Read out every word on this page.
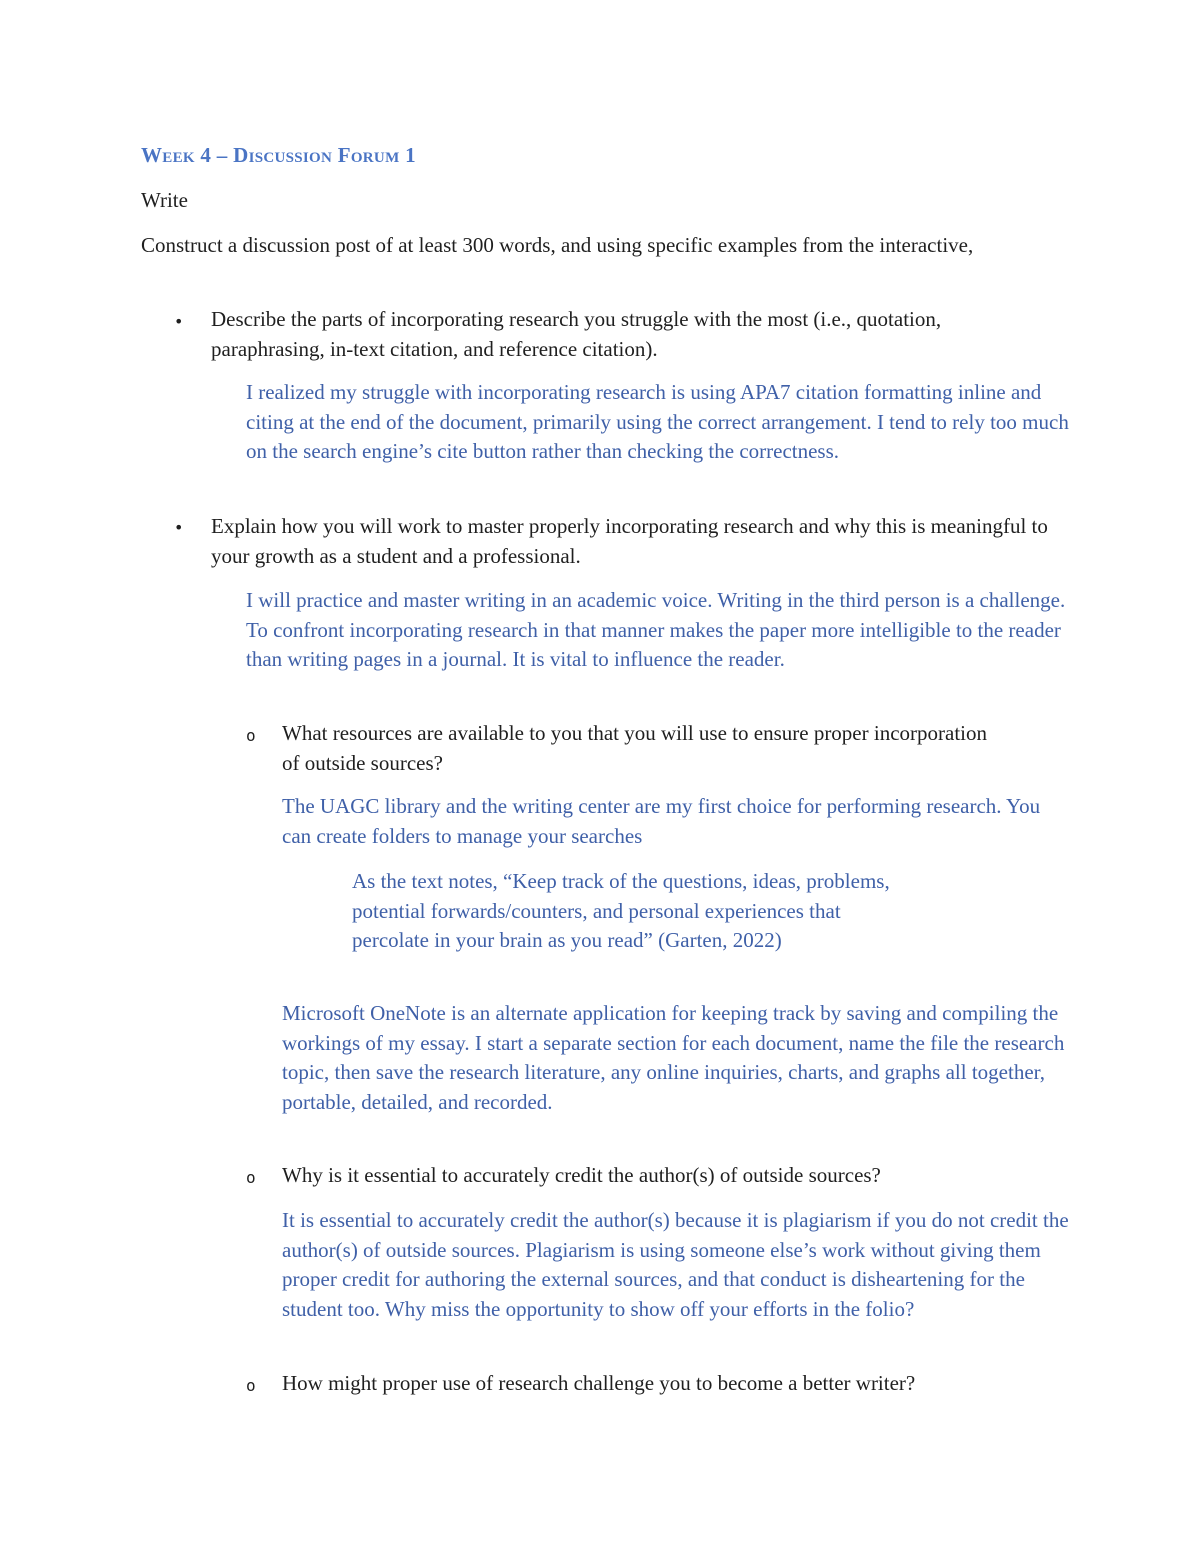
Week 4 – Discussion Forum 1

Write

Construct a discussion post of at least 300 words, and using specific examples from the interactive,

• Describe the parts of incorporating research you struggle with the most (i.e., quotation, paraphrasing, in-text citation, and reference citation).

I realized my struggle with incorporating research is using APA7 citation formatting inline and citing at the end of the document, primarily using the correct arrangement. I tend to rely too much on the search engine’s cite button rather than checking the correctness.

• Explain how you will work to master properly incorporating research and why this is meaningful to your growth as a student and a professional.

I will practice and master writing in an academic voice. Writing in the third person is a challenge. To confront incorporating research in that manner makes the paper more intelligible to the reader than writing pages in a journal. It is vital to influence the reader.

o What resources are available to you that you will use to ensure proper incorporation of outside sources?

The UAGC library and the writing center are my first choice for performing research. You can create folders to manage your searches

As the text notes, “Keep track of the questions, ideas, problems, potential forwards/counters, and personal experiences that percolate in your brain as you read” (Garten, 2022)

Microsoft OneNote is an alternate application for keeping track by saving and compiling the workings of my essay. I start a separate section for each document, name the file the research topic, then save the research literature, any online inquiries, charts, and graphs all together, portable, detailed, and recorded.

o Why is it essential to accurately credit the author(s) of outside sources?

It is essential to accurately credit the author(s) because it is plagiarism if you do not credit the author(s) of outside sources. Plagiarism is using someone else’s work without giving them proper credit for authoring the external sources, and that conduct is disheartening for the student too. Why miss the opportunity to show off your efforts in the folio?

o How might proper use of research challenge you to become a better writer?
